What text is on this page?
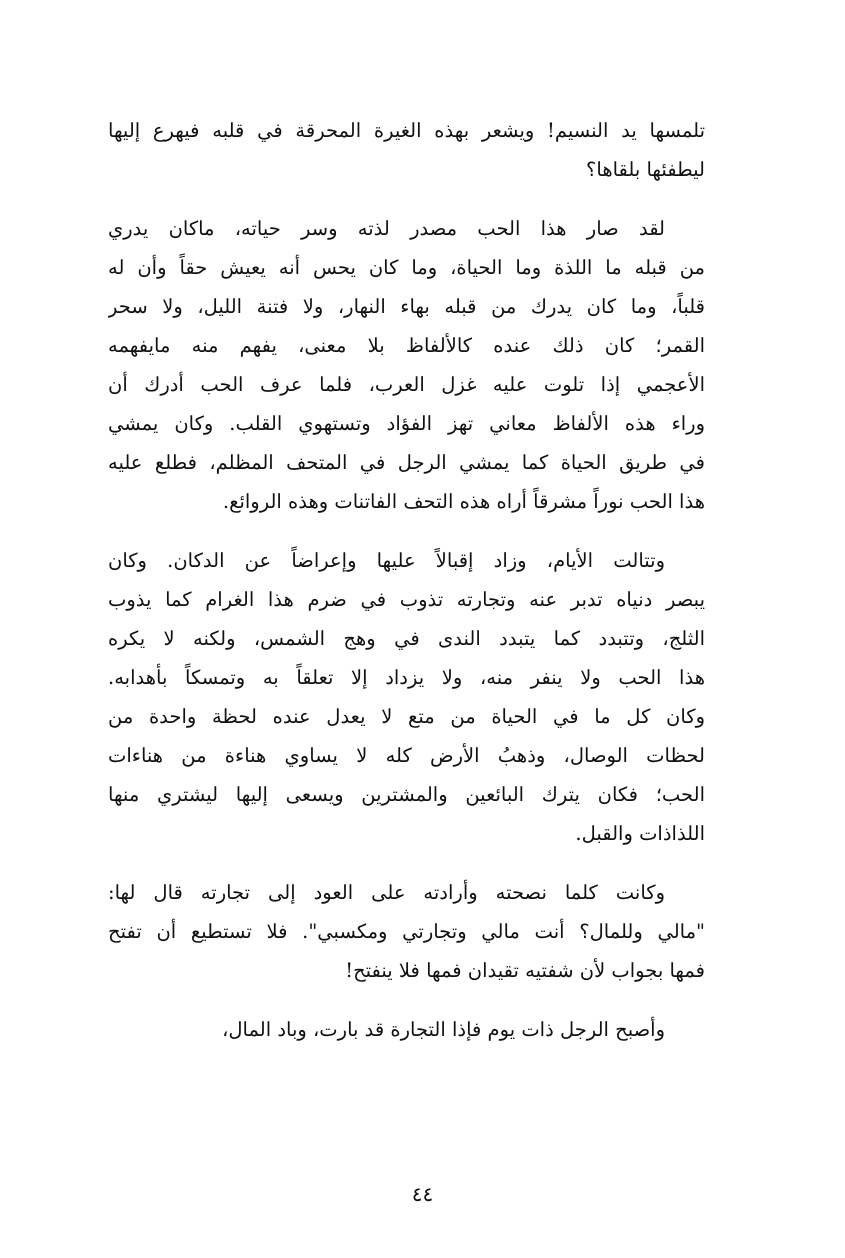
تلمسها يد النسيم! ويشعر بهذه الغيرة المحرقة في قلبه فيهرع إليها
ليطفئها بلقاها؟

لقد صار هذا الحب مصدر لذته وسر حياته، ماكان يدري
من قبله ما اللذة وما الحياة، وما كان يحس أنه يعيش حقاً وأن له
قلباً، وما كان يدرك من قبله بهاء النهار، ولا فتنة الليل، ولا سحر
القمر؛ كان ذلك عنده كالألفاظ بلا معنى، يفهم منه مايفهمه
الأعجمي إذا تلوت عليه غزل العرب، فلما عرف الحب أدرك أن
وراء هذه الألفاظ معاني تهز الفؤاد وتستهوي القلب. وكان يمشي
في طريق الحياة كما يمشي الرجل في المتحف المظلم، فطلع عليه
هذا الحب نوراً مشرقاً أراه هذه التحف الفاتنات وهذه الروائع.

وتتالت الأيام، وزاد إقبالاً عليها وإعراضاً عن الدكان. وكان
يبصر دنياه تدبر عنه وتجارته تذوب في ضرم هذا الغرام كما يذوب
الثلج، وتتبدد كما يتبدد الندى في وهج الشمس، ولكنه لا يكره
هذا الحب ولا ينفر منه، ولا يزداد إلا تعلقاً به وتمسكاً بأهدابه.
وكان كل ما في الحياة من متع لا يعدل عنده لحظة واحدة من
لحظات الوصال، وذهبُ الأرض كله لا يساوي هناءة من هناءات
الحب؛ فكان يترك البائعين والمشترين ويسعى إليها ليشتري منها
اللذاذات والقبل.

وكانت كلما نصحته وأرادته على العود إلى تجارته قال لها:
"مالي وللمال؟ أنت مالي وتجارتي ومكسبي". فلا تستطيع أن تفتح
فمها بجواب لأن شفتيه تقيدان فمها فلا ينفتح!

وأصبح الرجل ذات يوم فإذا التجارة قد بارت، وباد المال،

٤٤
